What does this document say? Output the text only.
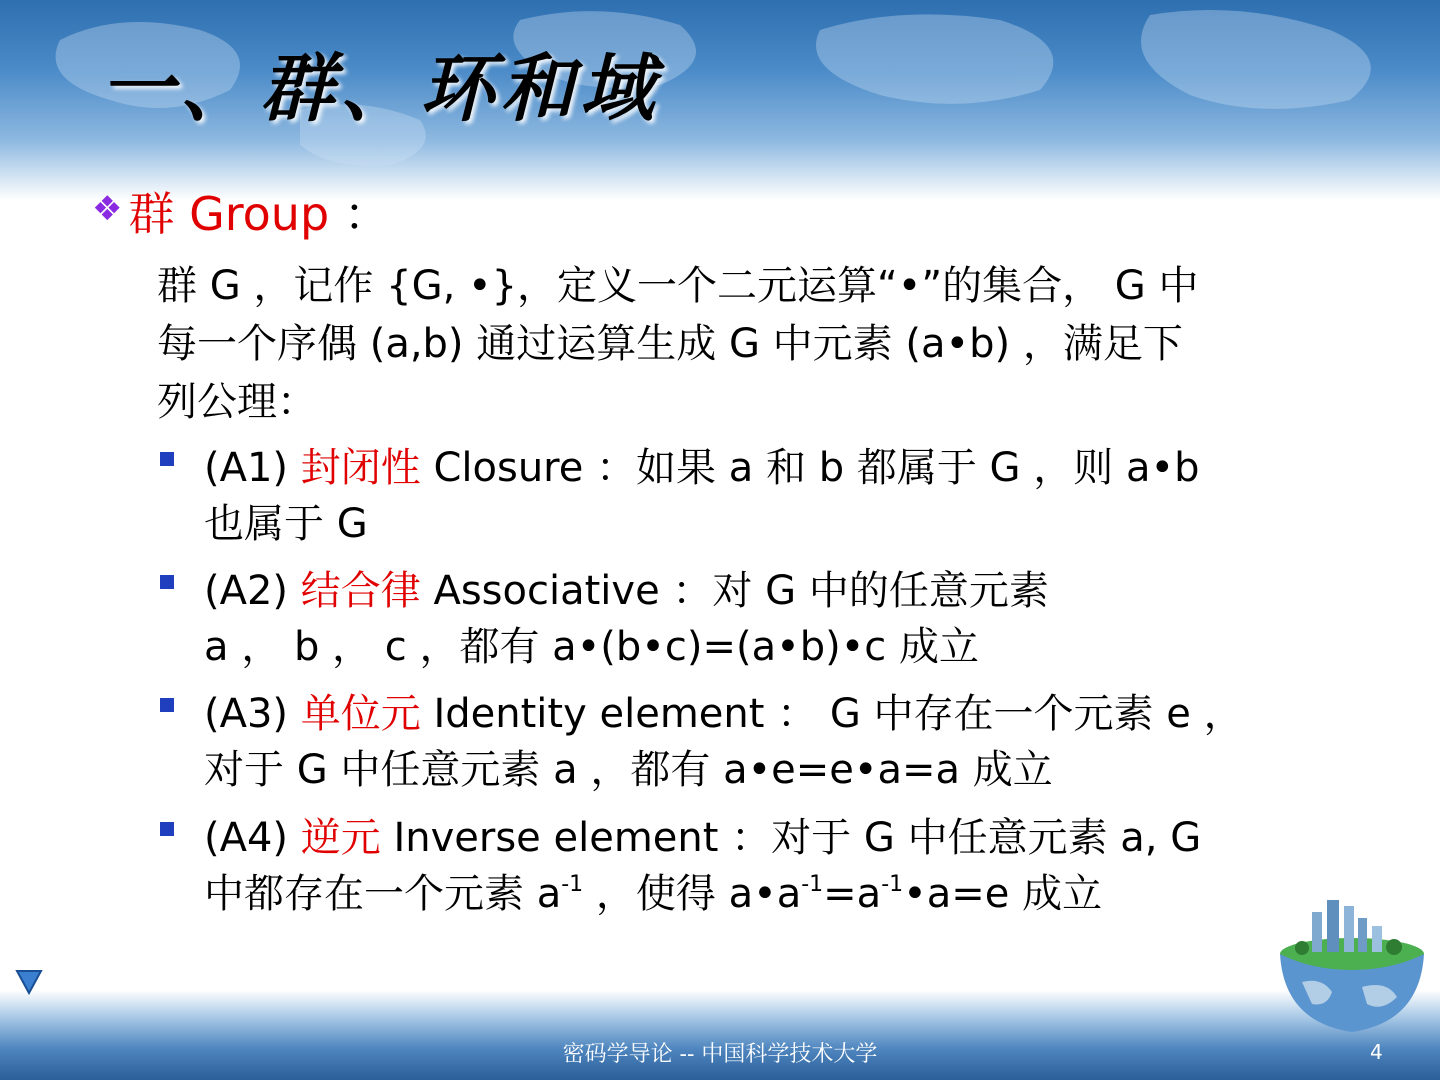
一、群、环和域
❖ 群 Group ：
群 G ，记作 {G, •}，定义一个二元运算“•”的集合， G 中
每一个序偶 (a,b) 通过运算生成 G 中元素 (a•b) ，满足下
列公理：
(A1) 封闭性 Closure ：如果 a 和 b 都属于 G ，则 a•b
也属于 G
(A2) 结合律 Associative ：对 G 中的任意元素
a ， b ， c ，都有 a•(b•c)=(a•b)•c 成立
(A3) 单位元 Identity element ： G 中存在一个元素 e ，
对于 G 中任意元素 a ，都有 a•e=e•a=a 成立
(A4) 逆元 Inverse element ：对于 G 中任意元素 a, G
中都存在一个元素 $a^{-1}$ ，使得 $a•a^{-1}=a^{-1}•a=e$ 成立
密码学导论 -- 中国科学技术大学	4
